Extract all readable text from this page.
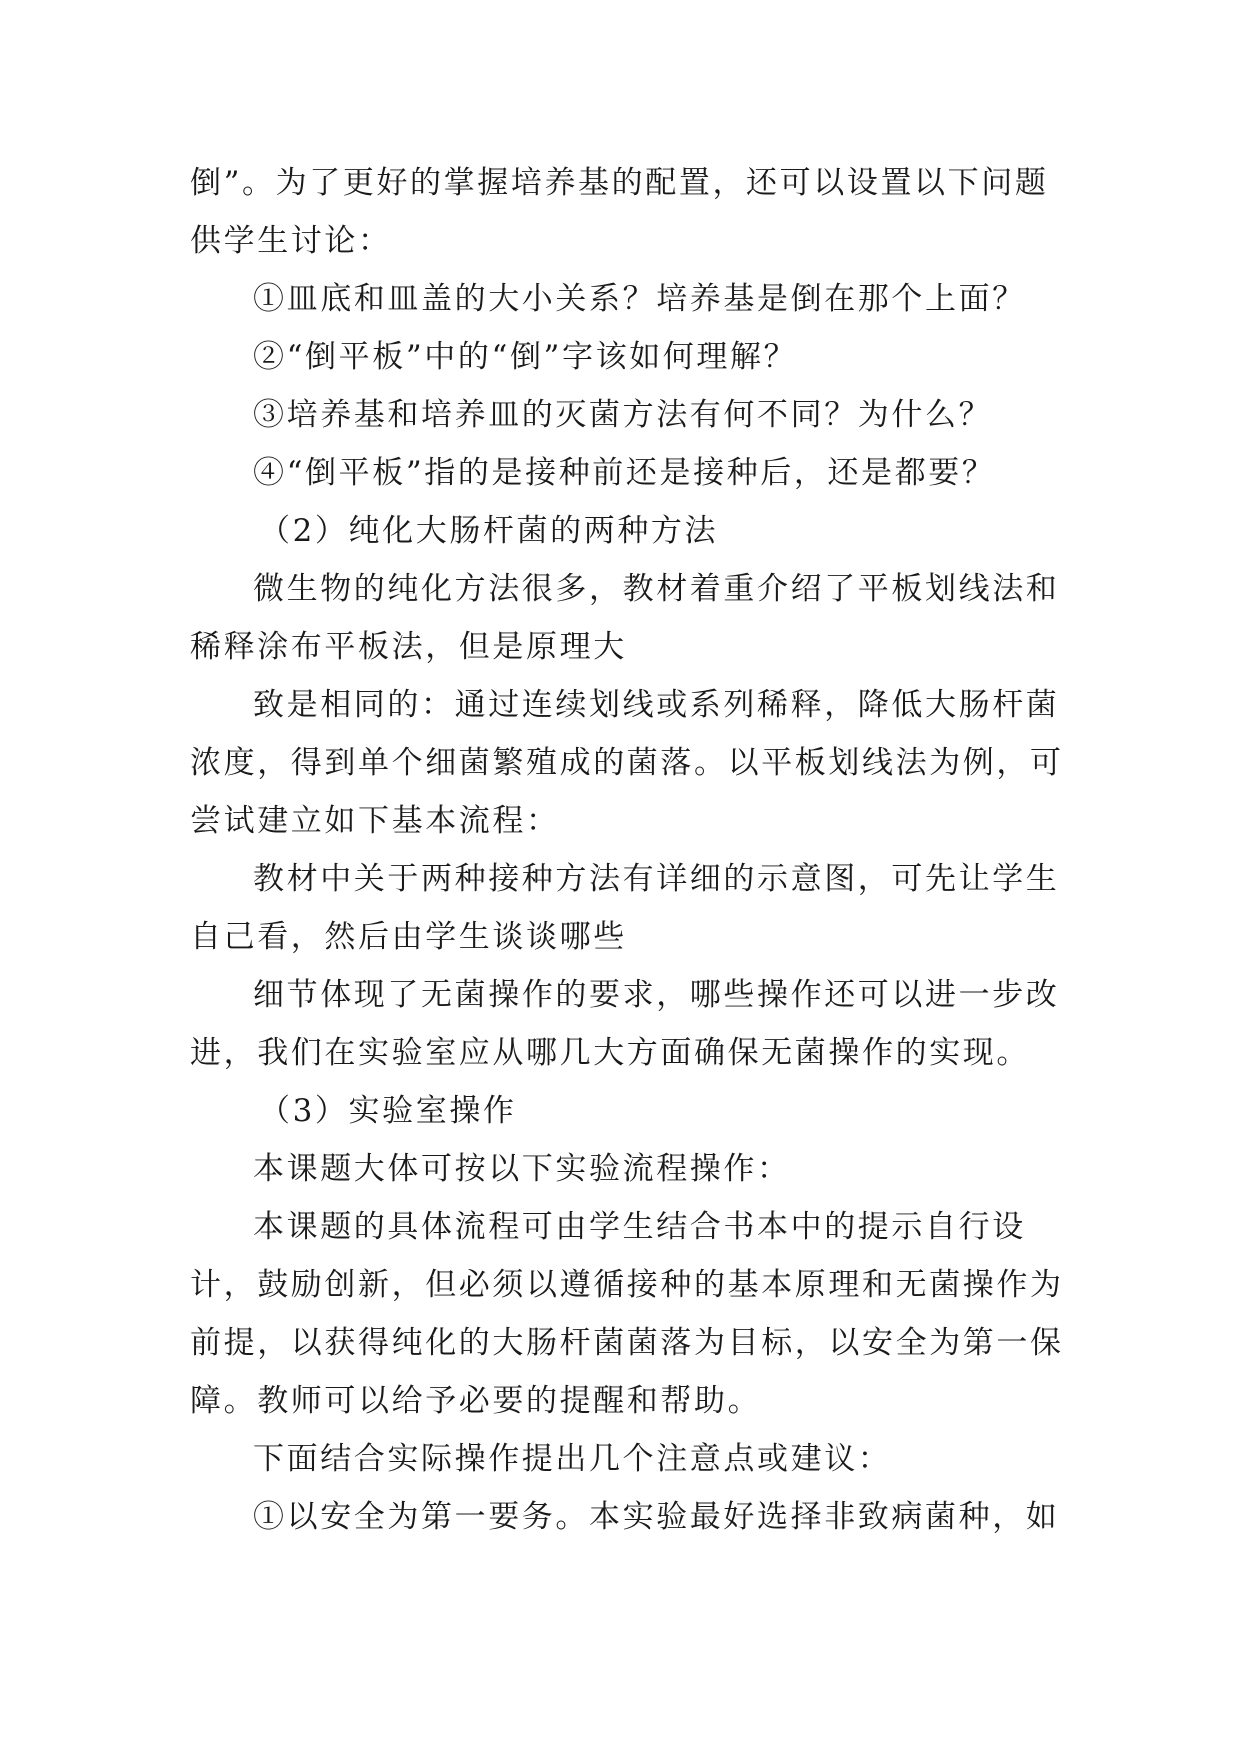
倒”。为了更好的掌握培养基的配置，还可以设置以下问题
供学生讨论：
①皿底和皿盖的大小关系？培养基是倒在那个上面？
②“倒平板”中的“倒”字该如何理解？
③培养基和培养皿的灭菌方法有何不同？为什么？
④“倒平板”指的是接种前还是接种后，还是都要？
（2）纯化大肠杆菌的两种方法
微生物的纯化方法很多，教材着重介绍了平板划线法和
稀释涂布平板法，但是原理大
致是相同的：通过连续划线或系列稀释，降低大肠杆菌
浓度，得到单个细菌繁殖成的菌落。以平板划线法为例，可
尝试建立如下基本流程：
教材中关于两种接种方法有详细的示意图，可先让学生
自己看，然后由学生谈谈哪些
细节体现了无菌操作的要求，哪些操作还可以进一步改
进，我们在实验室应从哪几大方面确保无菌操作的实现。
（3）实验室操作
本课题大体可按以下实验流程操作：
本课题的具体流程可由学生结合书本中的提示自行设
计，鼓励创新，但必须以遵循接种的基本原理和无菌操作为
前提，以获得纯化的大肠杆菌菌落为目标，以安全为第一保
障。教师可以给予必要的提醒和帮助。
下面结合实际操作提出几个注意点或建议：
①以安全为第一要务。本实验最好选择非致病菌种，如
